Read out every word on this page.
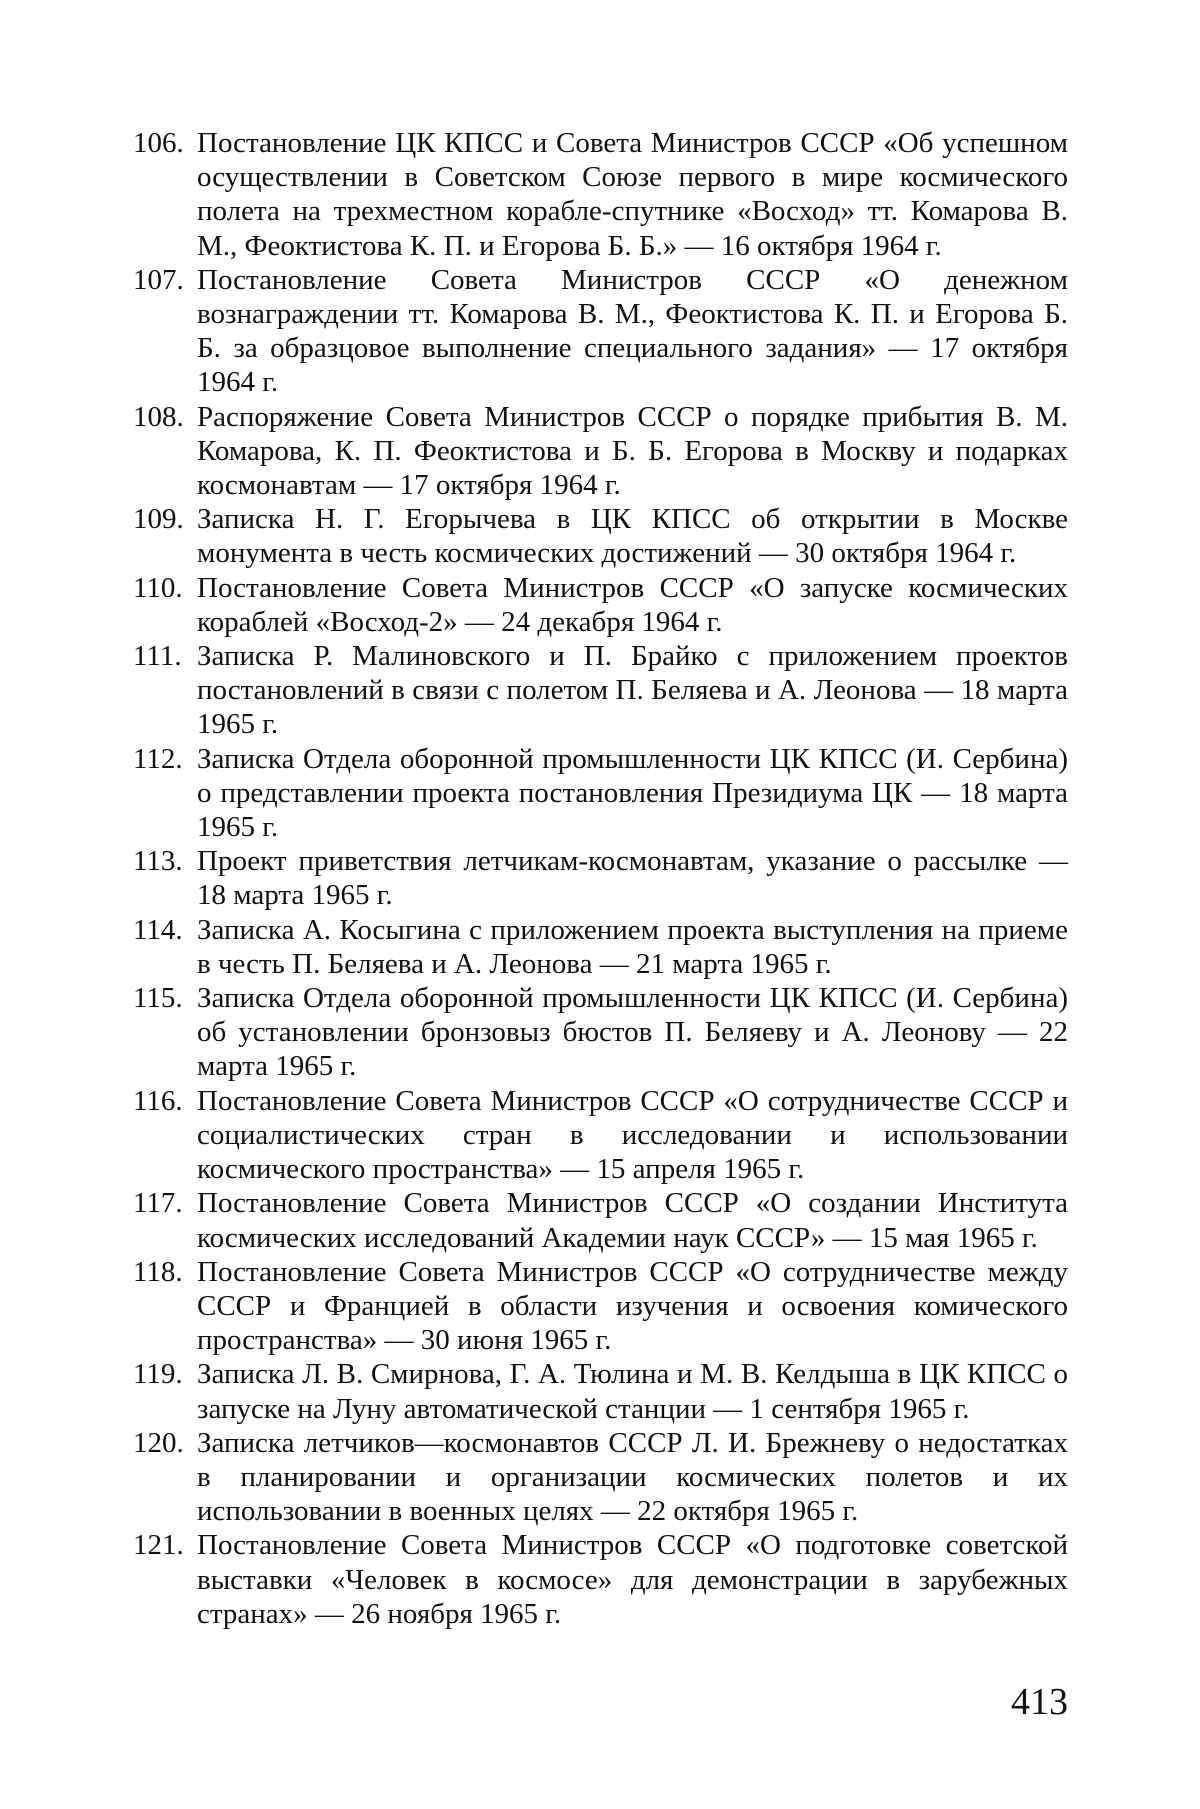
106. Постановление ЦК КПСС и Совета Министров СССР «Об успешном осуществлении в Советском Союзе первого в мире космического полета на трехместном корабле-спутнике «Восход» тт. Комарова В. М., Феоктистова К. П. и Егорова Б. Б.» — 16 октября 1964 г.
107. Постановление Совета Министров СССР «О денежном вознаграждении тт. Комарова В. М., Феоктистова К. П. и Егорова Б. Б. за образцовое выполнение специального задания» — 17 октября 1964 г.
108. Распоряжение Совета Министров СССР о порядке прибытия В. М. Комарова, К. П. Феоктистова и Б. Б. Егорова в Москву и подарках космонавтам — 17 октября 1964 г.
109. Записка Н. Г. Егорычева в ЦК КПСС об открытии в Москве монумента в честь космических достижений — 30 октября 1964 г.
110. Постановление Совета Министров СССР «О запуске космических кораблей «Восход-2» — 24 декабря 1964 г.
111. Записка Р. Малиновского и П. Брайко с приложением проектов постановлений в связи с полетом П. Беляева и А. Леонова — 18 марта 1965 г.
112. Записка Отдела оборонной промышленности ЦК КПСС (И. Сербина) о представлении проекта постановления Президиума ЦК — 18 марта 1965 г.
113. Проект приветствия летчикам-космонавтам, указание о рассылке — 18 марта 1965 г.
114. Записка А. Косыгина с приложением проекта выступления на приеме в честь П. Беляева и А. Леонова — 21 марта 1965 г.
115. Записка Отдела оборонной промышленности ЦК КПСС (И. Сербина) об установлении бронзовыз бюстов П. Беляеву и А. Леонову — 22 марта 1965 г.
116. Постановление Совета Министров СССР «О сотрудничестве СССР и социалистических стран в исследовании и использовании космического пространства» — 15 апреля 1965 г.
117. Постановление Совета Министров СССР «О создании Института космических исследований Академии наук СССР» — 15 мая 1965 г.
118. Постановление Совета Министров СССР «О сотрудничестве между СССР и Францией в области изучения и освоения комического пространства» — 30 июня 1965 г.
119. Записка Л. В. Смирнова, Г. А. Тюлина и М. В. Келдыша в ЦК КПСС о запуске на Луну автоматической станции — 1 сентября 1965 г.
120. Записка летчиков—космонавтов СССР Л. И. Брежневу о недостатках в планировании и организации космических полетов и их использовании в военных целях — 22 октября 1965 г.
121. Постановление Совета Министров СССР «О подготовке советской выставки «Человек в космосе» для демонстрации в зарубежных странах» — 26 ноября 1965 г.
413
